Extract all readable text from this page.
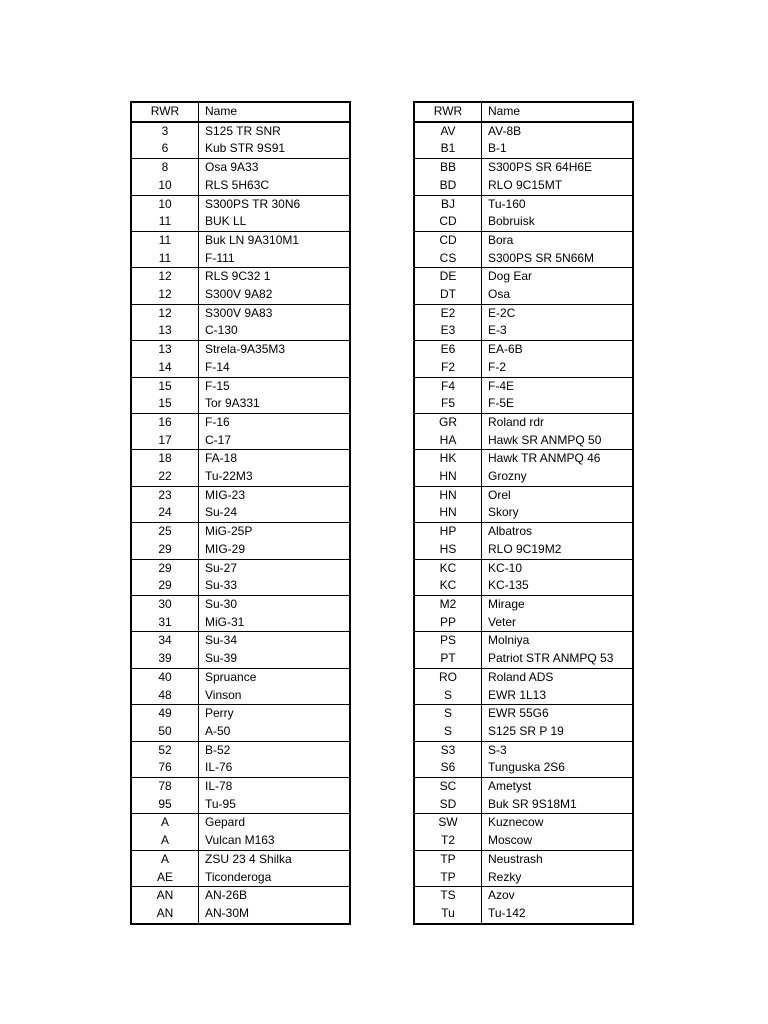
RWR	Name
3	S125 TR SNR
6	Kub STR 9S91
8	Osa 9A33
10	RLS 5H63C
10	S300PS TR 30N6
11	BUK LL
11	Buk LN 9A310M1
11	F-111
12	RLS 9C32 1
12	S300V 9A82
12	S300V 9A83
13	C-130
13	Strela-9A35M3
14	F-14
15	F-15
15	Tor 9A331
16	F-16
17	C-17
18	FA-18
22	Tu-22M3
23	MIG-23
24	Su-24
25	MiG-25P
29	MIG-29
29	Su-27
29	Su-33
30	Su-30
31	MiG-31
34	Su-34
39	Su-39
40	Spruance
48	Vinson
49	Perry
50	A-50
52	B-52
76	IL-76
78	IL-78
95	Tu-95
A	Gepard
A	Vulcan M163
A	ZSU 23 4 Shilka
AE	Ticonderoga
AN	AN-26B
AN	AN-30M
RWR	Name
AV	AV-8B
B1	B-1
BB	S300PS SR 64H6E
BD	RLO 9C15MT
BJ	Tu-160
CD	Bobruisk
CD	Bora
CS	S300PS SR 5N66M
DE	Dog Ear
DT	Osa
E2	E-2C
E3	E-3
E6	EA-6B
F2	F-2
F4	F-4E
F5	F-5E
GR	Roland rdr
HA	Hawk SR ANMPQ 50
HK	Hawk TR ANMPQ 46
HN	Grozny
HN	Orel
HN	Skory
HP	Albatros
HS	RLO 9C19M2
KC	KC-10
KC	KC-135
M2	Mirage
PP	Veter
PS	Molniya
PT	Patriot STR ANMPQ 53
RO	Roland ADS
S	EWR 1L13
S	EWR 55G6
S	S125 SR P 19
S3	S-3
S6	Tunguska 2S6
SC	Ametyst
SD	Buk SR 9S18M1
SW	Kuznecow
T2	Moscow
TP	Neustrash
TP	Rezky
TS	Azov
Tu	Tu-142
